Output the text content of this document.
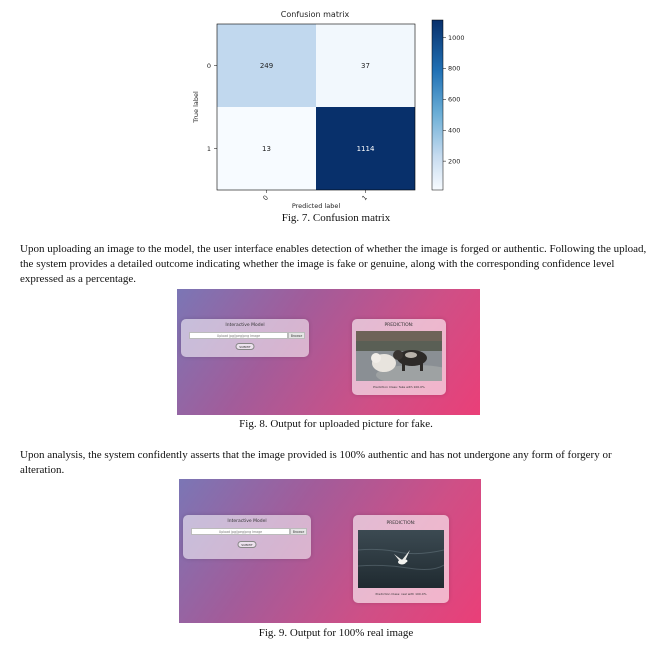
Confusion matrix
249	37
13	1114
0
1
0	1
Predicted label
True label
200
400
600
800
1000
Fig. 7. Confusion matrix
Upon uploading an image to the model, the user interface enables detection of whether the image is forged or authentic. Following the upload, the system provides a detailed outcome indicating whether the image is fake or genuine, along with the corresponding confidence level expressed as a percentage.
Interactive Model
Upload jpg/jpeg/png Image	Browse
SUBMIT
PREDICTION:
Prediction Class: fake with 100.0%
Fig. 8. Output for uploaded picture for fake.
Upon analysis, the system confidently asserts that the image provided is 100% authentic and has not undergone any form of forgery or alteration.
Interactive Model
Upload jpg/jpeg/png Image	Browse
SUBMIT
PREDICTION:
Prediction Class: real with 100.0%
Fig. 9. Output for 100% real image
